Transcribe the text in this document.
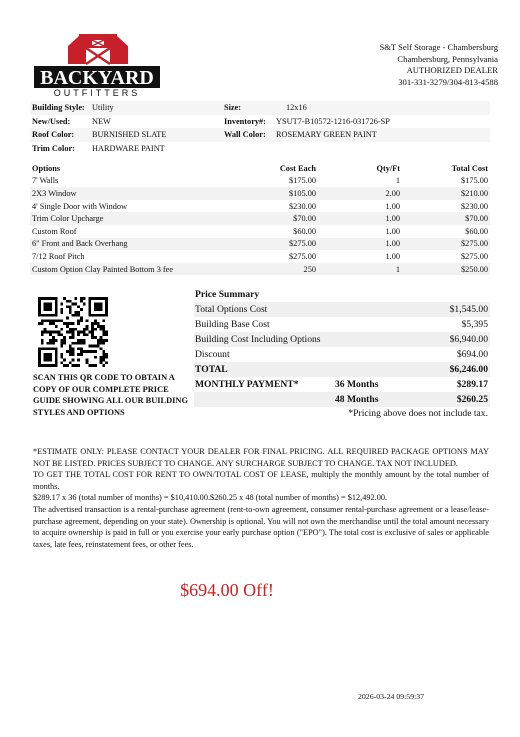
BACKYARD
OUTFITTERS
S&T Self Storage - Chambersburg
Chambersburg, Pennsylvania
AUTHORIZED DEALER
301-331-3279/304-813-4588
Building Style: Utility	Size:	12x16
New/Used:	NEW	Inventory#:	YSUT7-B10572-1216-031726-SP
Roof Color:	BURNISHED SLATE	Wall Color:	ROSEMARY GREEN PAINT
Trim Color:	HARDWARE PAINT
Options	Cost Each	Qty/Ft	Total Cost
7' Walls	$175.00	1	$175.00
2X3 Window	$105.00	2.00	$210.00
4' Single Door with Window	$230.00	1.00	$230.00
Trim Color Upcharge	$70.00	1.00	$70.00
Custom Roof	$60.00	1.00	$60.00
6" Front and Back Overhang	$275.00	1.00	$275.00
7/12 Roof Pitch	$275.00	1.00	$275.00
Custom Option Clay Painted Bottom 3 fee	250	1	$250.00
SCAN THIS QR CODE TO OBTAIN A COPY OF OUR COMPLETE PRICE GUIDE SHOWING ALL OUR BUILDING STYLES AND OPTIONS
Price Summary
Total Options Cost	$1,545.00
Building Base Cost	$5,395
Building Cost Including Options	$6,940.00
Discount	$694.00
TOTAL	$6,246.00
MONTHLY PAYMENT*	36 Months	$289.17
48 Months	$260.25
*Pricing above does not include tax.

*ESTIMATE ONLY: PLEASE CONTACT YOUR DEALER FOR FINAL PRICING. ALL REQUIRED PACKAGE OPTIONS MAY NOT BE LISTED. PRICES SUBJECT TO CHANGE. ANY SURCHARGE SUBJECT TO CHANGE. TAX NOT INCLUDED.

TO GET THE TOTAL COST FOR RENT TO OWN/TOTAL COST OF LEASE, multiply the monthly amount by the total number of months.

$289.17 x 36 (total number of months) = $10,410.00.$260.25 x 48 (total number of months) = $12,492.00.

The advertised transaction is a rental-purchase agreement (rent-to-own agreement, consumer rental-purchase agreement or a lease/lease-purchase agreement, depending on your state). Ownership is optional. You will not own the merchandise until the total amount necessary to acquire ownership is paid in full or you exercise your early purchase option ("EPO"). The total cost is exclusive of sales or applicable taxes, late fees, reinstatement fees, or other fees.

$694.00 Off!
2026-03-24 09:59:37
